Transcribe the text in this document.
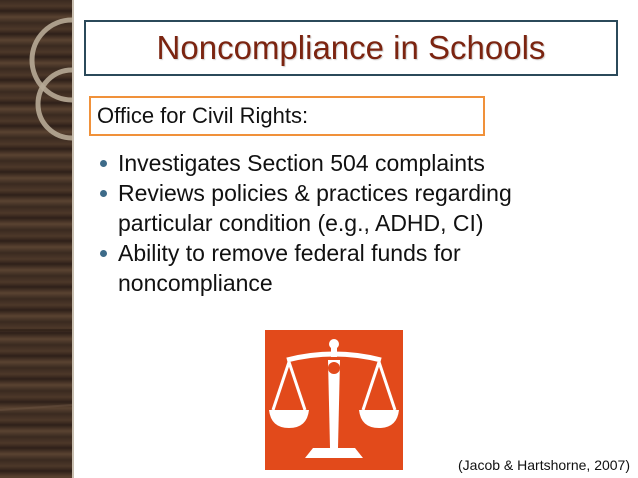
Noncompliance in Schools
Office for Civil Rights:
Investigates Section 504 complaints
Reviews policies & practices regarding
particular condition (e.g., ADHD, CI)
Ability to remove federal funds for
noncompliance
(Jacob & Hartshorne, 2007)
